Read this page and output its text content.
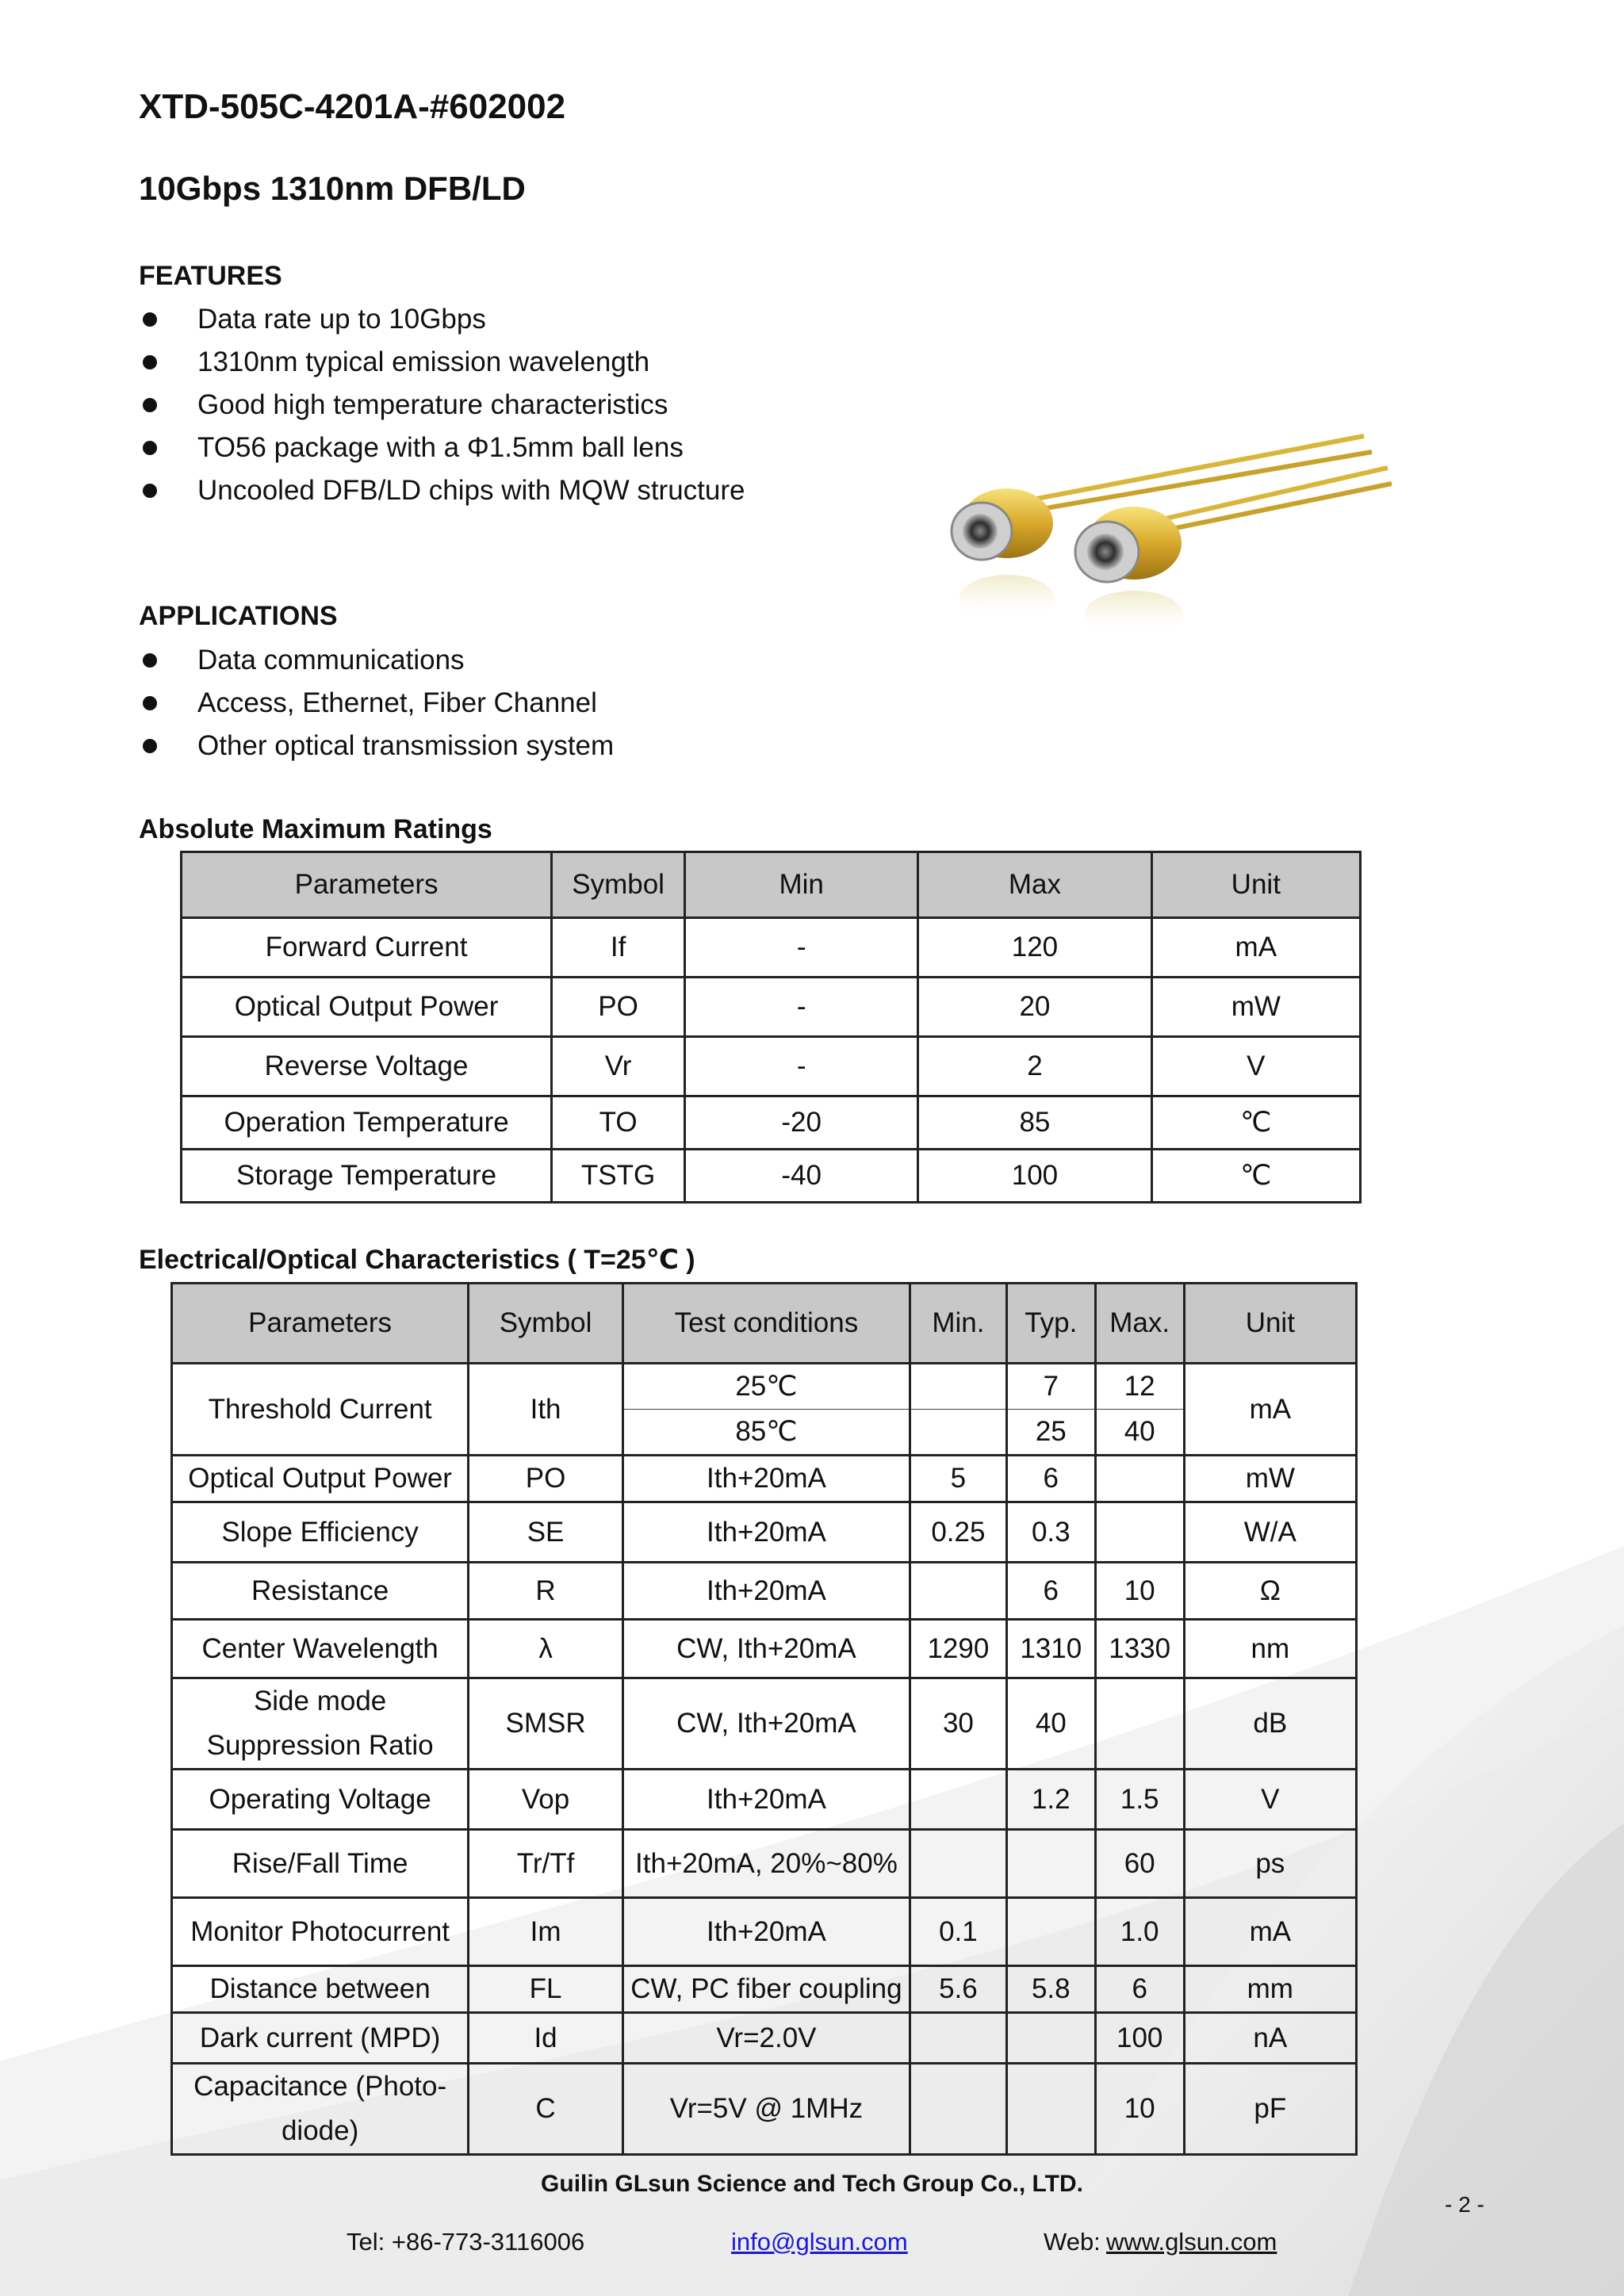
XTD-505C-4201A-#602002
10Gbps 1310nm DFB/LD
FEATURES
Data rate up to 10Gbps
1310nm typical emission wavelength
Good high temperature characteristics
TO56 package with a Φ1.5mm ball lens
Uncooled DFB/LD chips with MQW structure
APPLICATIONS
Data communications
Access, Ethernet, Fiber Channel
Other optical transmission system
Absolute Maximum Ratings
Parameters	Symbol	Min	Max	Unit
Forward Current	If	-	120	mA
Optical Output Power	PO	-	20	mW
Reverse Voltage	Vr	-	2	V
Operation Temperature	TO	-20	85	℃
Storage Temperature	TSTG	-40	100	℃
Electrical/Optical Characteristics ( T=25℃ )
Parameters	Symbol	Test conditions	Min.	Typ.	Max.	Unit
Threshold Current	Ith	25℃		7	12	mA
		85℃		25	40	
Optical Output Power	PO	Ith+20mA	5	6		mW
Slope Efficiency	SE	Ith+20mA	0.25	0.3		W/A
Resistance	R	Ith+20mA		6	10	Ω
Center Wavelength	λ	CW, Ith+20mA	1290	1310	1330	nm
Side mode Suppression Ratio	SMSR	CW, Ith+20mA	30	40		dB
Operating Voltage	Vop	Ith+20mA		1.2	1.5	V
Rise/Fall Time	Tr/Tf	Ith+20mA, 20%~80%			60	ps
Monitor Photocurrent	Im	Ith+20mA	0.1		1.0	mA
Distance between	FL	CW, PC fiber coupling	5.6	5.8	6	mm
Dark current (MPD)	Id	Vr=2.0V			100	nA
Capacitance (Photo-diode)	C	Vr=5V @ 1MHz			10	pF
Guilin GLsun Science and Tech Group Co., LTD.
- 2 -
Tel: +86-773-3116006	info@glsun.com	Web: www.glsun.com
